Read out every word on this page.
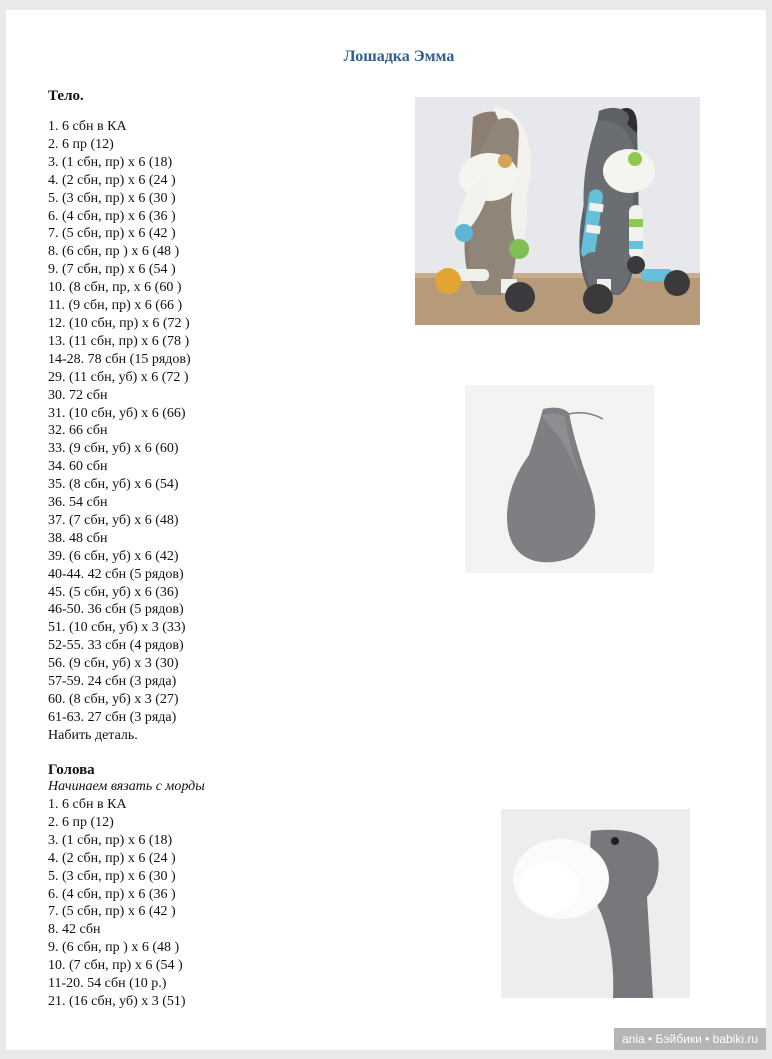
Лошадка Эмма
Тело.
1. 6 сбн в КА
2. 6 пр (12)
3. (1 сбн, пр) х 6 (18)
4. (2 сбн, пр) х 6 (24 )
5. (3 сбн, пр) х 6 (30 )
6. (4 сбн, пр) х 6 (36 )
7. (5 сбн, пр) х 6 (42 )
8. (6 сбн, пр ) х 6 (48 )
9. (7 сбн, пр) х 6 (54 )
10. (8 сбн, пр, х 6 (60 )
11. (9 сбн, пр) х 6 (66 )
12. (10 сбн, пр) х 6 (72 )
13. (11 сбн, пр) х 6 (78 )
14-28. 78 сбн (15 рядов)
29. (11 сбн, уб) х 6 (72 )
30. 72 сбн
31. (10 сбн, уб) х 6 (66)
32. 66 сбн
33. (9 сбн, уб) х 6 (60)
34. 60 сбн
35. (8 сбн, уб) х 6 (54)
36. 54 сбн
37. (7 сбн, уб) х 6 (48)
38. 48 сбн
39. (6 сбн, уб) х 6 (42)
40-44. 42 сбн (5 рядов)
45. (5 сбн, уб) х 6 (36)
46-50. 36 сбн (5 рядов)
51. (10 сбн, уб) х 3 (33)
52-55. 33 сбн (4 рядов)
56. (9 сбн, уб) х 3 (30)
57-59. 24 сбн (3 ряда)
60. (8 сбн, уб) х 3 (27)
61-63. 27 сбн (3 ряда)
Набить деталь.
Голова
Начинаем вязать с морды
1. 6 сбн в КА
2. 6 пр (12)
3. (1 сбн, пр) х 6 (18)
4. (2 сбн, пр) х 6 (24 )
5. (3 сбн, пр) х 6 (30 )
6. (4 сбн, пр) х 6 (36 )
7. (5 сбн, пр) х 6 (42 )
8. 42 сбн
9. (6 сбн, пр ) х 6 (48 )
10. (7 сбн, пр) х 6 (54 )
11-20. 54 сбн (10 р.)
21. (16 сбн, уб) х 3 (51)
ania • Бэйбики • babiki.ru
